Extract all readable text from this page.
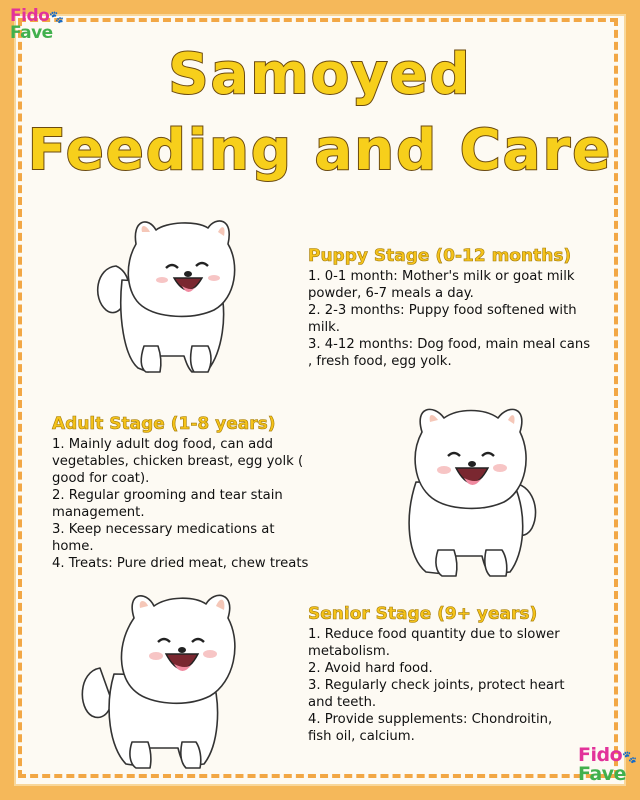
Fido🐾
Fave
Fido🐾
Fave
Samoyed
Feeding and Care
Puppy Stage (0-12 months)
1. 0-1 month: Mother's milk or goat milk
powder, 6-7 meals a day.
2. 2-3 months: Puppy food softened with
milk.
3. 4-12 months: Dog food, main meal cans
, fresh food, egg yolk.
Adult Stage (1-8 years)
1. Mainly adult dog food, can add
vegetables, chicken breast, egg yolk (
good for coat).
2. Regular grooming and tear stain
management.
3. Keep necessary medications at
home.
4. Treats: Pure dried meat, chew treats
Senior Stage (9+ years)
1. Reduce food quantity due to slower
metabolism.
2. Avoid hard food.
3. Regularly check joints, protect heart
and teeth.
4. Provide supplements: Chondroitin,
fish oil, calcium.
